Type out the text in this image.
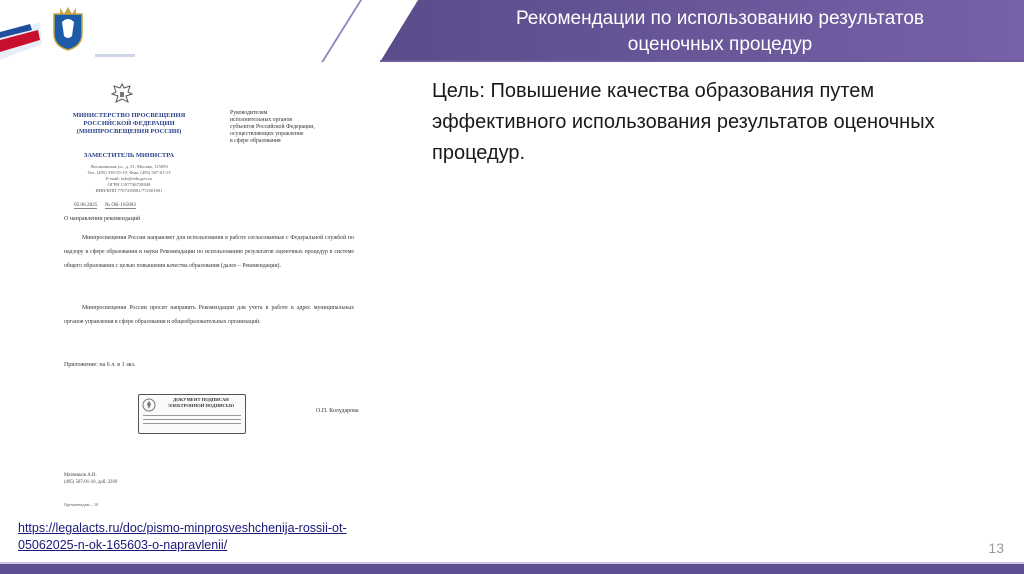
Рекомендации по использованию результатов
оценочных процедур
Цель: Повышение качества образования путем эффективного использования результатов оценочных процедур.
МИНИСТЕРСТВО ПРОСВЕЩЕНИЯ
РОССИЙСКОЙ ФЕДЕРАЦИИ
(МИНПРОСВЕЩЕНИЯ РОССИИ)
ЗАМЕСТИТЕЛЬ МИНИСТРА
Люсиновская ул., д. 51, Москва, 115093
Тел. (495) 539-55-19. Факс (495) 587-01-13
E-mail: info@edu.gov.ru
ОГРН 1187746728848
ИНН/КПП 7707418081/772501001
Руководителям
исполнительных органов
субъектов Российской Федерации,
осуществляющих управление
в сфере образования
05.06.2025 № ОК-165603
О направлении рекомендаций
Минпросвещения России направляет для использования в работе согласованные с Федеральной службой по надзору в сфере образования и науки Рекомендации по использованию результатов оценочных процедур в системе общего образования с целью повышения качества образования (далее – Рекомендации).
Минпросвещения России просит направить Рекомендации для учета в работе в адрес муниципальных органов управления в сфере образования и общеобразовательных организаций.
Приложение: на 6 л. в 1 экз.
ДОКУМЕНТ ПОДПИСАН ЭЛЕКТРОННОЙ ПОДПИСЬЮ
О.П. Колударова
Матвеиков А.И.
(495) 587-01-10, доб. 3269
Оргмонтадом – 10
https://legalacts.ru/doc/pismo-minprosveshchenija-rossii-ot-05062025-n-ok-165603-o-napravlenii/	13
